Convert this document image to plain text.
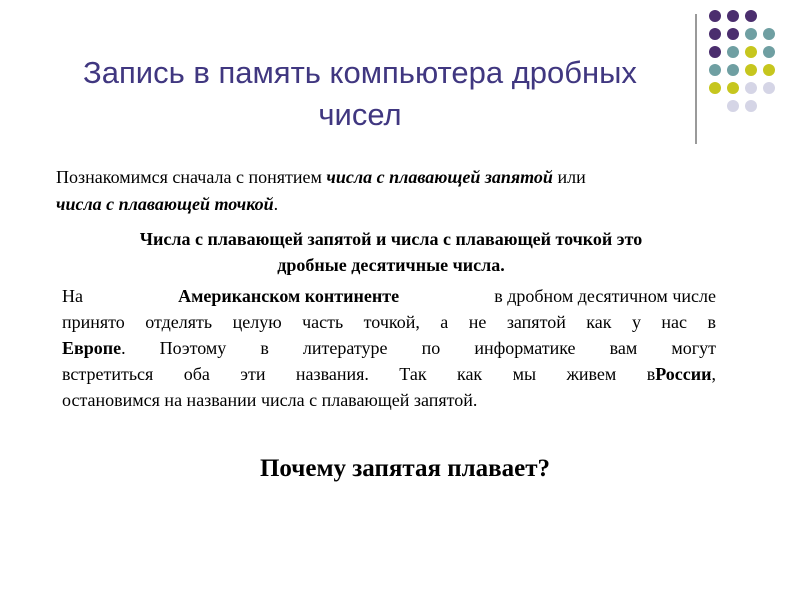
Запись в память компьютера дробных
чисел
Познакомимся сначала с понятием числа с плавающей запятой или
числа с плавающей точкой.
Числа с плавающей запятой и числа с плавающей точкой это
дробные десятичные числа.
На	Американском континенте	в дробном десятичном числе
принято отделять целую часть точкой, а не запятой как у нас в
Европе. Поэтому в литературе по информатике вам могут
встретиться оба эти названия. Так как мы живем вРоссии,
остановимся на названии числа с плавающей запятой.
Почему запятая плавает?
